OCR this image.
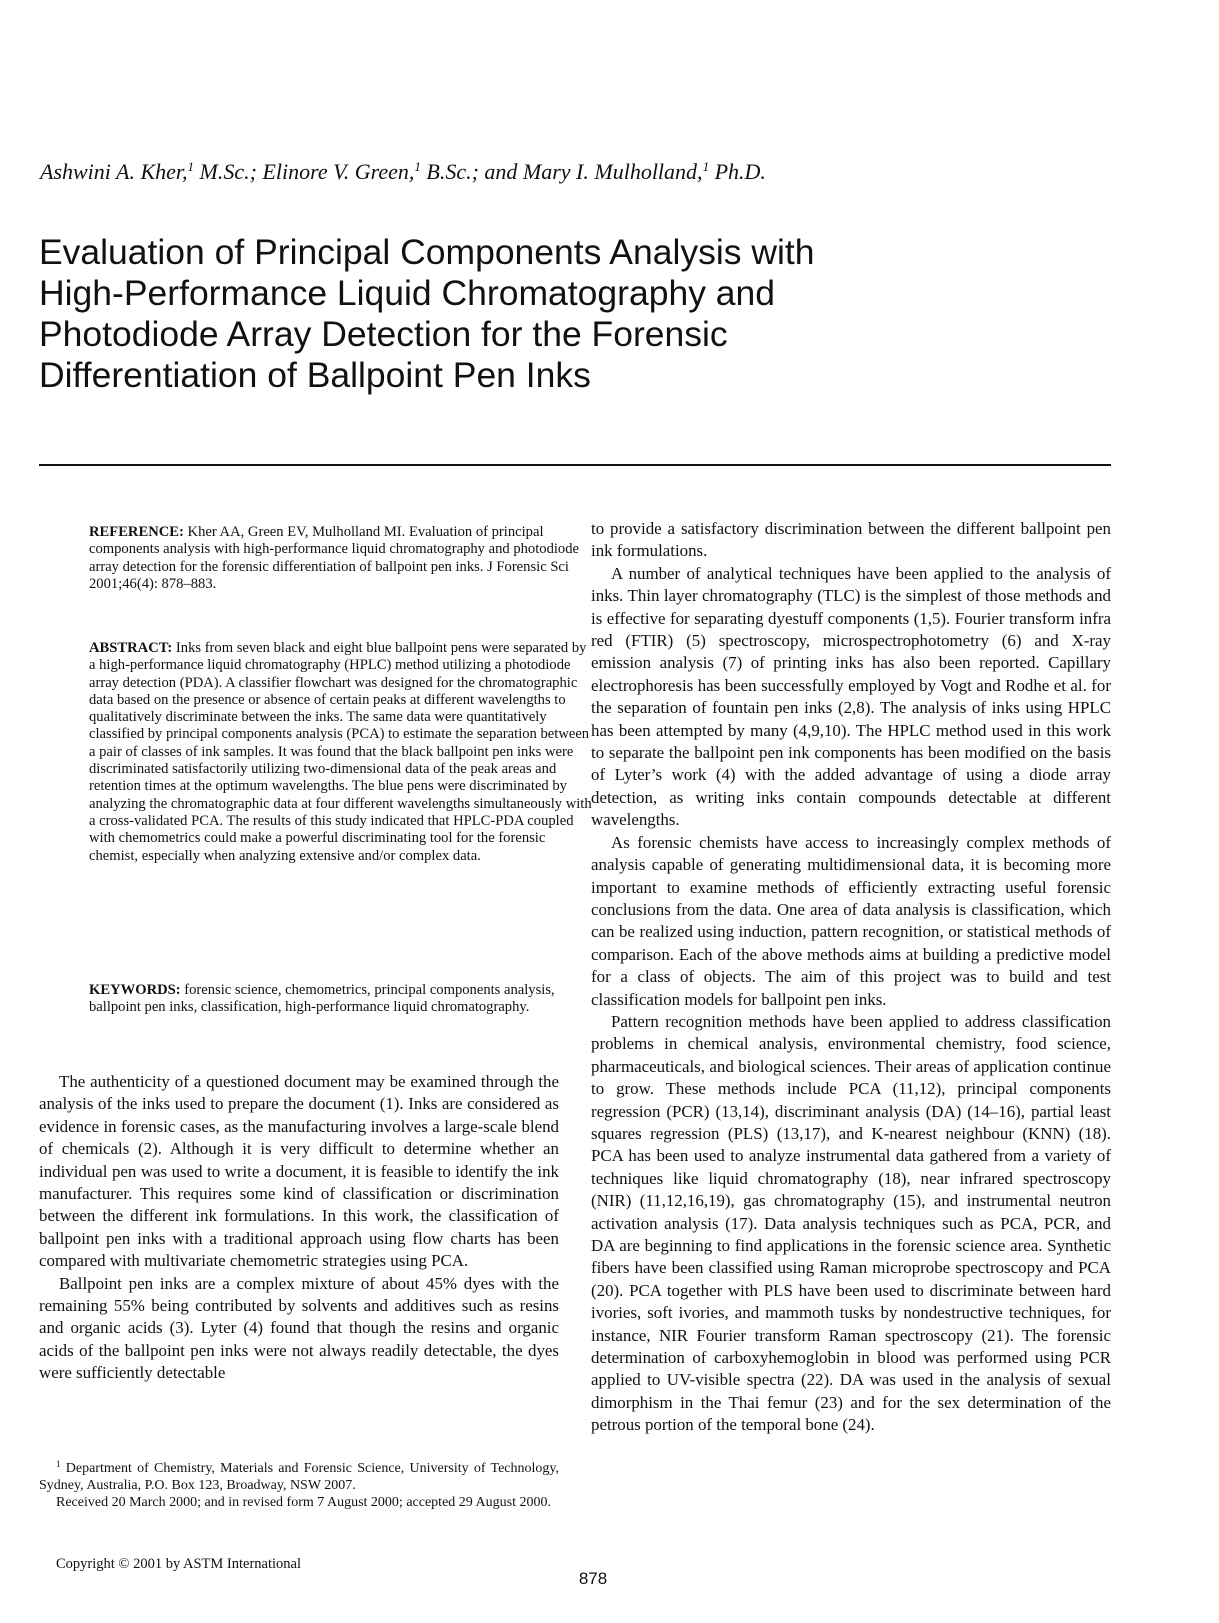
Ashwini A. Kher,$^1$ M.Sc.; Elinore V. Green,$^1$ B.Sc.; and Mary I. Mulholland,$^1$ Ph.D.
Evaluation of Principal Components Analysis with
High-Performance Liquid Chromatography and
Photodiode Array Detection for the Forensic
Differentiation of Ballpoint Pen Inks
REFERENCE: Kher AA, Green EV, Mulholland MI. Evaluation of principal components analysis with high-performance liquid chromatography and photodiode array detection for the forensic differentiation of ballpoint pen inks. J Forensic Sci 2001;46(4): 878–883.
ABSTRACT: Inks from seven black and eight blue ballpoint pens were separated by a high-performance liquid chromatography (HPLC) method utilizing a photodiode array detection (PDA). A classifier flowchart was designed for the chromatographic data based on the presence or absence of certain peaks at different wavelengths to qualitatively discriminate between the inks. The same data were quantitatively classified by principal components analysis (PCA) to estimate the separation between a pair of classes of ink samples. It was found that the black ballpoint pen inks were discriminated satisfactorily utilizing two-dimensional data of the peak areas and retention times at the optimum wavelengths. The blue pens were discriminated by analyzing the chromatographic data at four different wavelengths simultaneously with a cross-validated PCA. The results of this study indicated that HPLC-PDA coupled with chemometrics could make a powerful discriminating tool for the forensic chemist, especially when analyzing extensive and/or complex data.
KEYWORDS: forensic science, chemometrics, principal components analysis, ballpoint pen inks, classification, high-performance liquid chromatography.

The authenticity of a questioned document may be examined through the analysis of the inks used to prepare the document (1). Inks are considered as evidence in forensic cases, as the manufacturing involves a large-scale blend of chemicals (2). Although it is very difficult to determine whether an individual pen was used to write a document, it is feasible to identify the ink manufacturer. This requires some kind of classification or discrimination between the different ink formulations. In this work, the classification of ballpoint pen inks with a traditional approach using flow charts has been compared with multivariate chemometric strategies using PCA.

Ballpoint pen inks are a complex mixture of about 45% dyes with the remaining 55% being contributed by solvents and additives such as resins and organic acids (3). Lyter (4) found that though the resins and organic acids of the ballpoint pen inks were not always readily detectable, the dyes were sufficiently detectable

$^1$ Department of Chemistry, Materials and Forensic Science, University of Technology, Sydney, Australia, P.O. Box 123, Broadway, NSW 2007.

Received 20 March 2000; and in revised form 7 August 2000; accepted 29 August 2000.

to provide a satisfactory discrimination between the different ballpoint pen ink formulations.

A number of analytical techniques have been applied to the analysis of inks. Thin layer chromatography (TLC) is the simplest of those methods and is effective for separating dyestuff components (1,5). Fourier transform infra red (FTIR) (5) spectroscopy, microspectrophotometry (6) and X-ray emission analysis (7) of printing inks has also been reported. Capillary electrophoresis has been successfully employed by Vogt and Rodhe et al. for the separation of fountain pen inks (2,8). The analysis of inks using HPLC has been attempted by many (4,9,10). The HPLC method used in this work to separate the ballpoint pen ink components has been modified on the basis of Lyter’s work (4) with the added advantage of using a diode array detection, as writing inks contain compounds detectable at different wavelengths.

As forensic chemists have access to increasingly complex methods of analysis capable of generating multidimensional data, it is becoming more important to examine methods of efficiently extracting useful forensic conclusions from the data. One area of data analysis is classification, which can be realized using induction, pattern recognition, or statistical methods of comparison. Each of the above methods aims at building a predictive model for a class of objects. The aim of this project was to build and test classification models for ballpoint pen inks.

Pattern recognition methods have been applied to address classification problems in chemical analysis, environmental chemistry, food science, pharmaceuticals, and biological sciences. Their areas of application continue to grow. These methods include PCA (11,12), principal components regression (PCR) (13,14), discriminant analysis (DA) (14–16), partial least squares regression (PLS) (13,17), and K-nearest neighbour (KNN) (18). PCA has been used to analyze instrumental data gathered from a variety of techniques like liquid chromatography (18), near infrared spectroscopy (NIR) (11,12,16,19), gas chromatography (15), and instrumental neutron activation analysis (17). Data analysis techniques such as PCA, PCR, and DA are beginning to find applications in the forensic science area. Synthetic fibers have been classified using Raman microprobe spectroscopy and PCA (20). PCA together with PLS have been used to discriminate between hard ivories, soft ivories, and mammoth tusks by nondestructive techniques, for instance, NIR Fourier transform Raman spectroscopy (21). The forensic determination of carboxyhemoglobin in blood was performed using PCR applied to UV-visible spectra (22). DA was used in the analysis of sexual dimorphism in the Thai femur (23) and for the sex determination of the petrous portion of the temporal bone (24).

Copyright © 2001 by ASTM International
878
